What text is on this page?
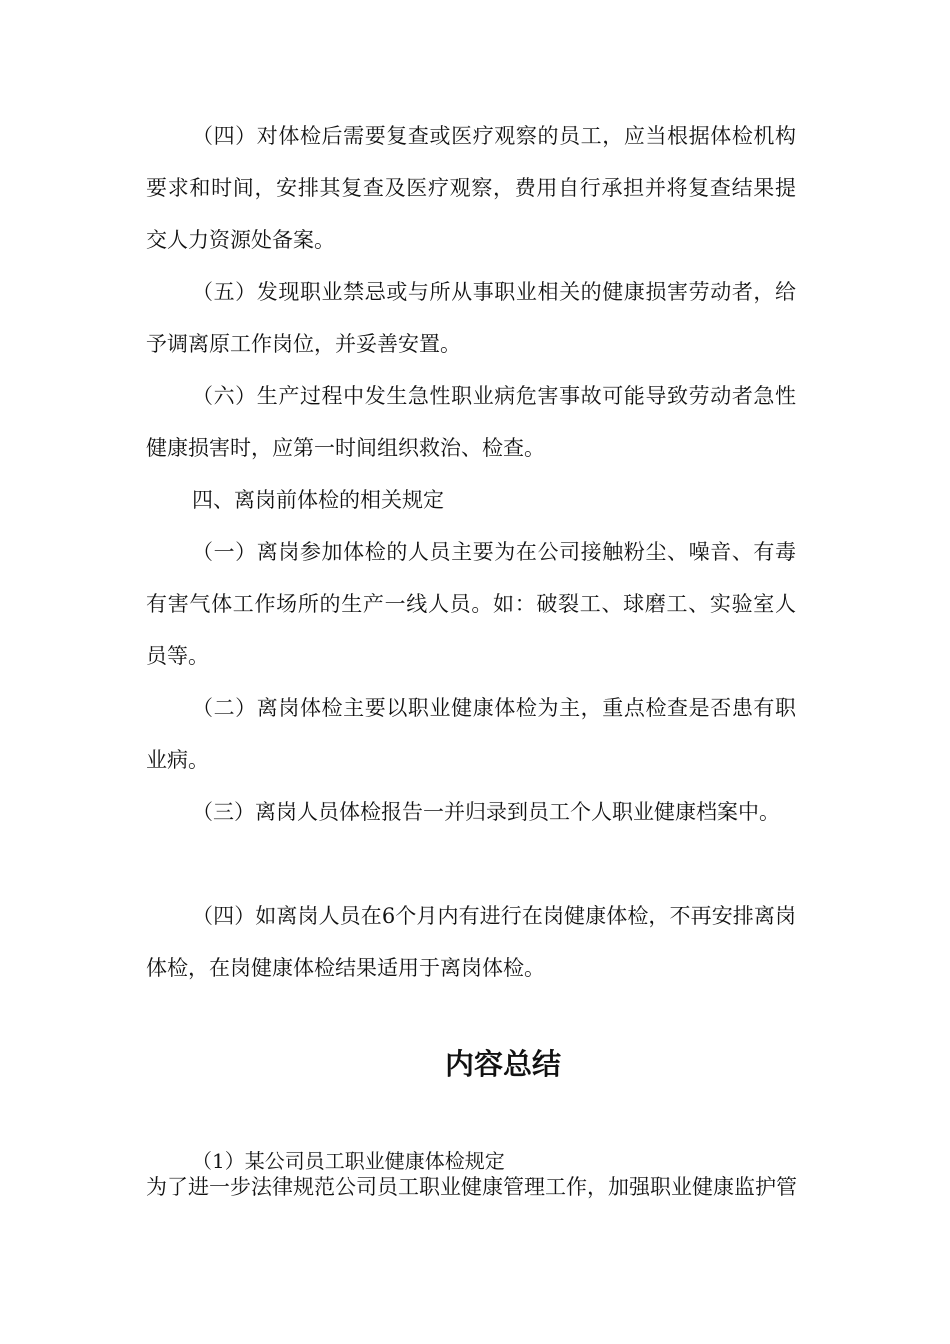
（四）对体检后需要复查或医疗观察的员工，应当根据体检机构要求和时间，安排其复查及医疗观察，费用自行承担并将复查结果提交人力资源处备案。

（五）发现职业禁忌或与所从事职业相关的健康损害劳动者，给予调离原工作岗位，并妥善安置。

（六）生产过程中发生急性职业病危害事故可能导致劳动者急性健康损害时，应第一时间组织救治、检查。

四、离岗前体检的相关规定

（一）离岗参加体检的人员主要为在公司接触粉尘、噪音、有毒有害气体工作场所的生产一线人员。如：破裂工、球磨工、实验室人员等。

（二）离岗体检主要以职业健康体检为主，重点检查是否患有职业病。

（三）离岗人员体检报告一并归录到员工个人职业健康档案中。

（四）如离岗人员在6个月内有进行在岗健康体检，不再安排离岗体检，在岗健康体检结果适用于离岗体检。

内容总结

（1）某公司员工职业健康体检规定

为了进一步法律规范公司员工职业健康管理工作，加强职业健康监护管
